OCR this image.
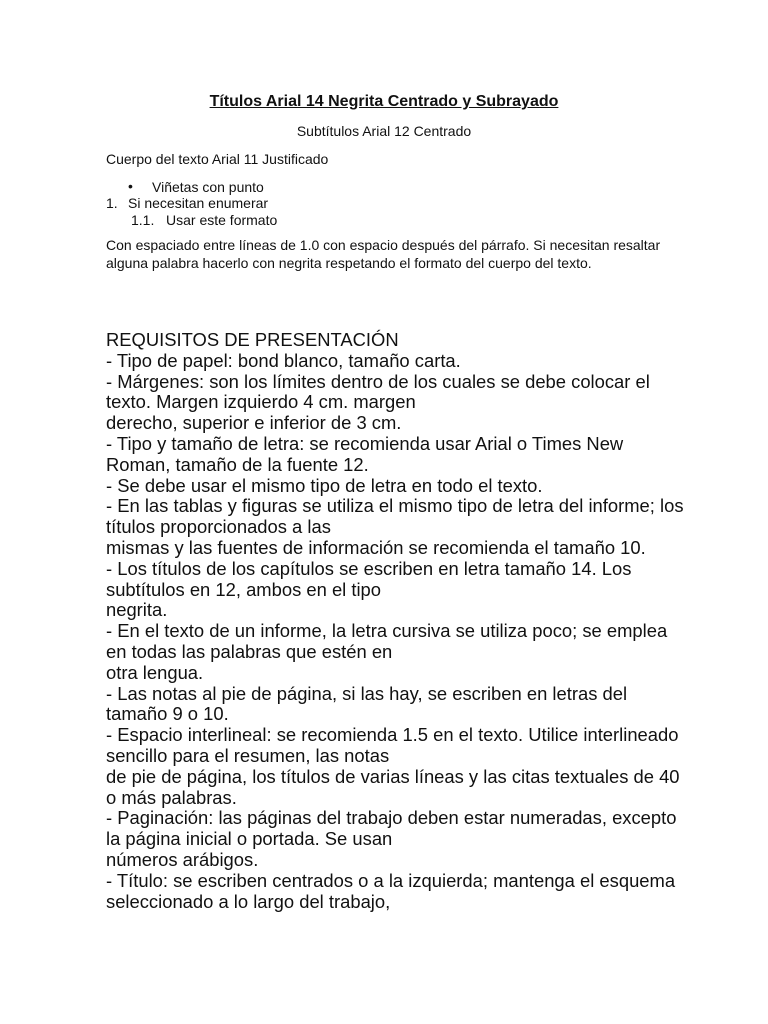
Títulos Arial 14 Negrita Centrado y Subrayado
Subtítulos Arial 12 Centrado
Cuerpo del texto Arial 11 Justificado
• Viñetas con punto
1. Si necesitan enumerar
1.1. Usar este formato
Con espaciado entre líneas de 1.0 con espacio después del párrafo. Si necesitan resaltar
alguna palabra hacerlo con negrita respetando el formato del cuerpo del texto.
REQUISITOS DE PRESENTACIÓN
- Tipo de papel: bond blanco, tamaño carta.
- Márgenes: son los límites dentro de los cuales se debe colocar el
texto. Margen izquierdo 4 cm. margen
derecho, superior e inferior de 3 cm.
- Tipo y tamaño de letra: se recomienda usar Arial o Times New
Roman, tamaño de la fuente 12.
- Se debe usar el mismo tipo de letra en todo el texto.
- En las tablas y figuras se utiliza el mismo tipo de letra del informe; los
títulos proporcionados a las
mismas y las fuentes de información se recomienda el tamaño 10.
- Los títulos de los capítulos se escriben en letra tamaño 14. Los
subtítulos en 12, ambos en el tipo
negrita.
- En el texto de un informe, la letra cursiva se utiliza poco; se emplea
en todas las palabras que estén en
otra lengua.
- Las notas al pie de página, si las hay, se escriben en letras del
tamaño 9 o 10.
- Espacio interlineal: se recomienda 1.5 en el texto. Utilice interlineado
sencillo para el resumen, las notas
de pie de página, los títulos de varias líneas y las citas textuales de 40
o más palabras.
- Paginación: las páginas del trabajo deben estar numeradas, excepto
la página inicial o portada. Se usan
números arábigos.
- Título: se escriben centrados o a la izquierda; mantenga el esquema
seleccionado a lo largo del trabajo,
